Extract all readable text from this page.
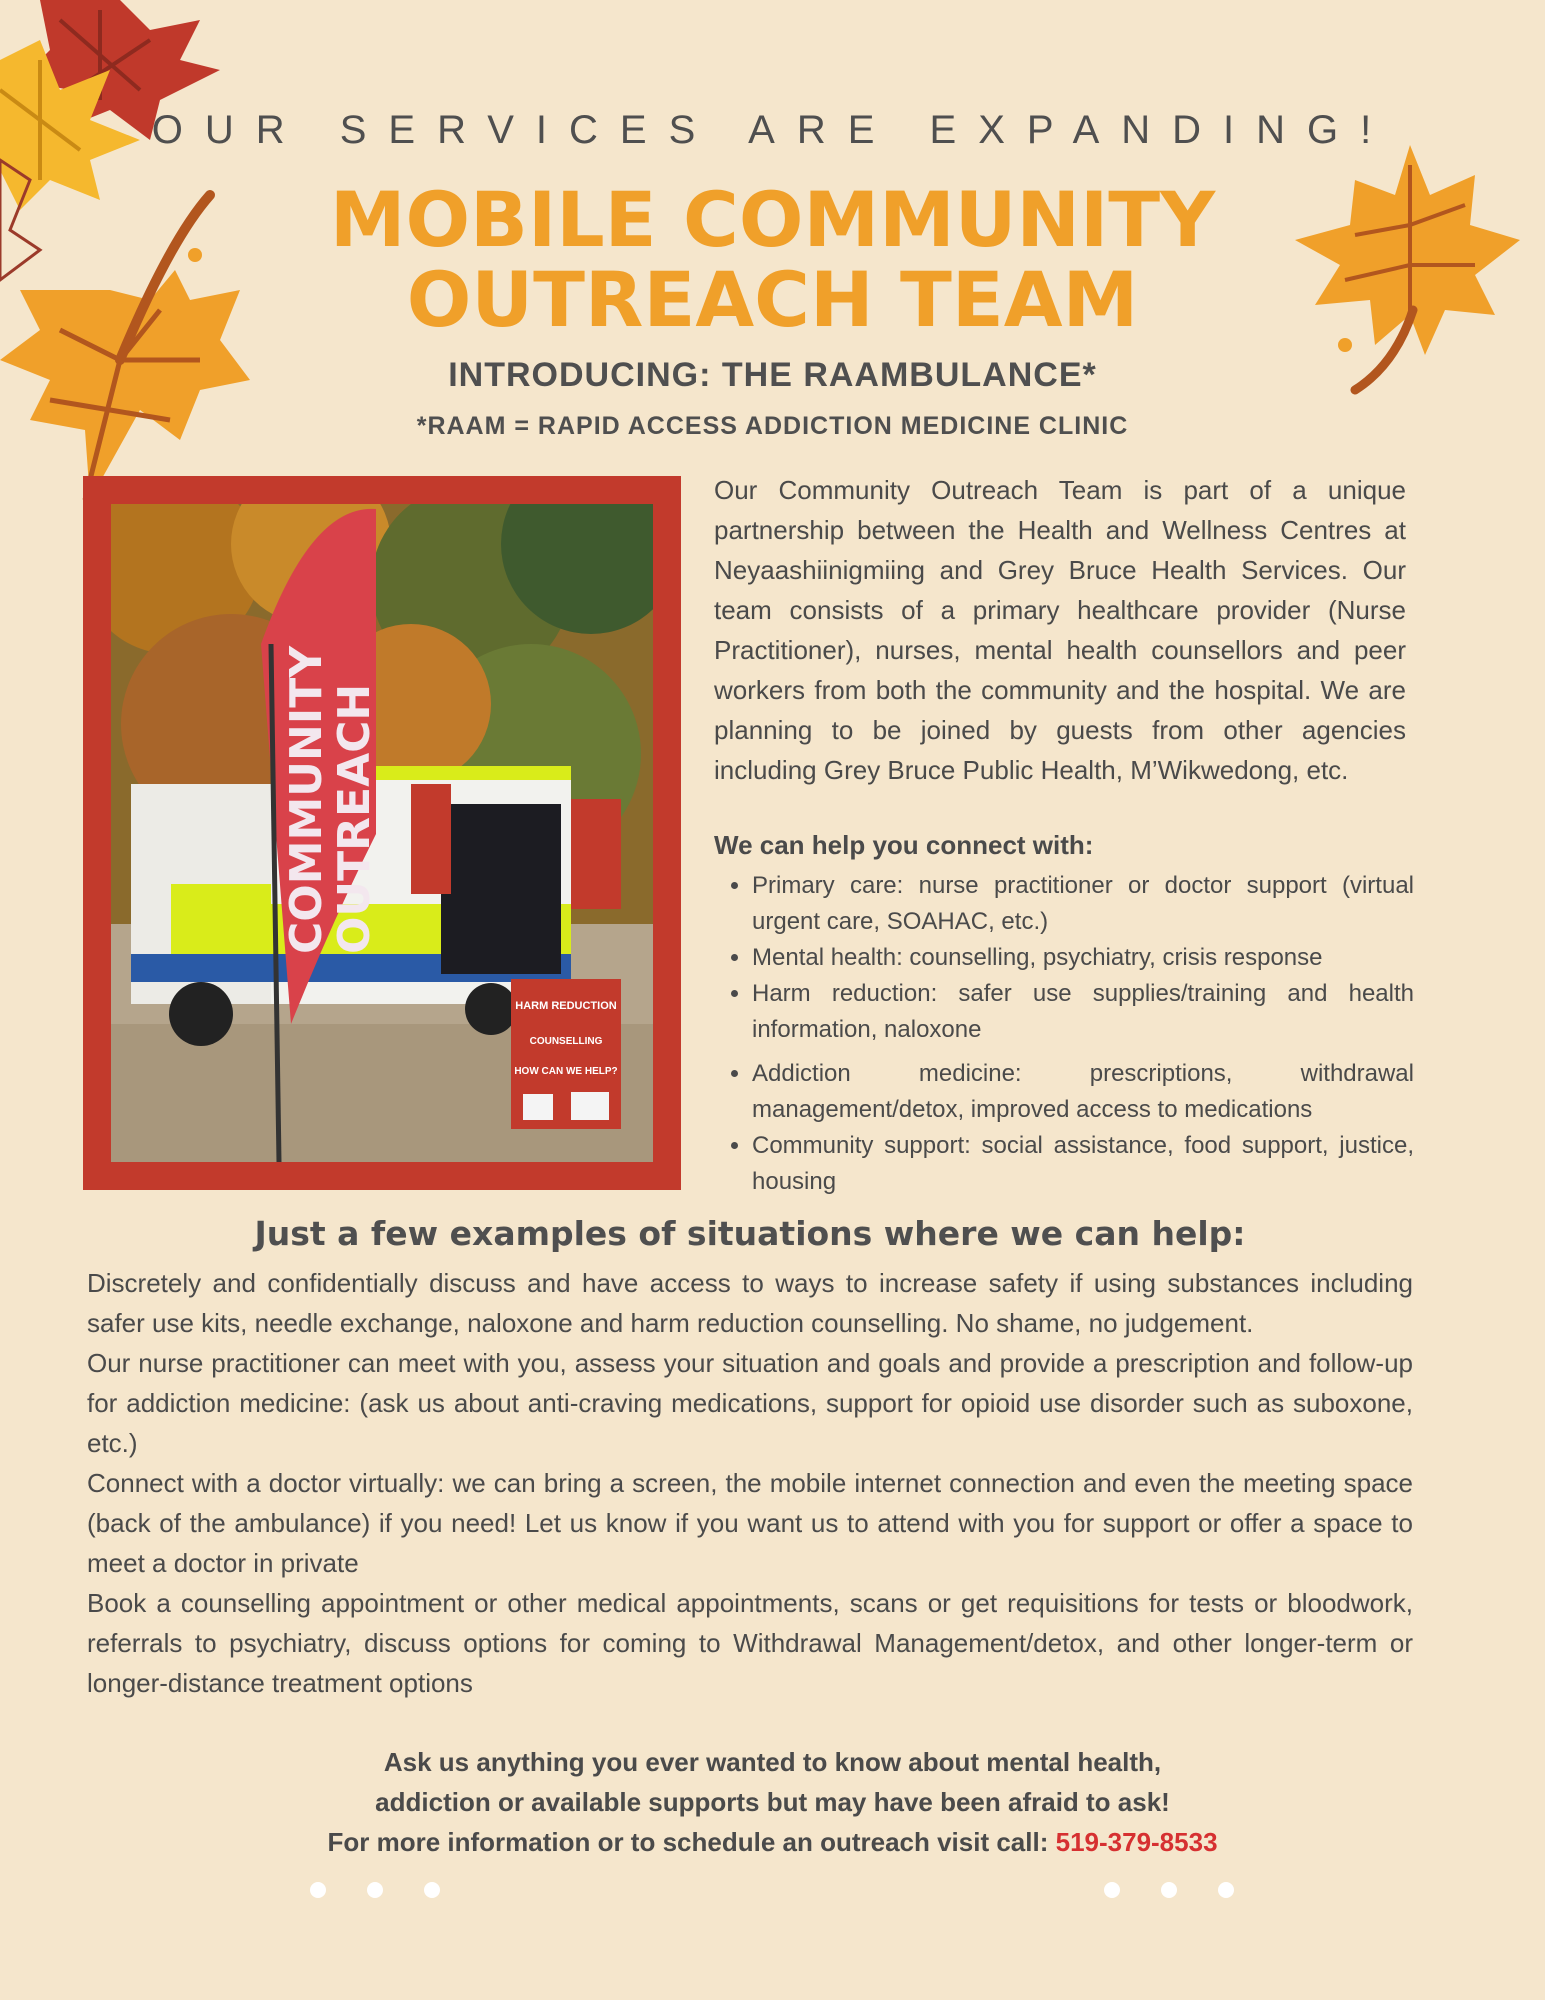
OUR SERVICES ARE EXPANDING!
MOBILE COMMUNITY
OUTREACH TEAM
INTRODUCING: THE RAAMBULANCE*
*RAAM = RAPID ACCESS ADDICTION MEDICINE CLINIC
HARM REDUCTION
COUNSELLING
HOW CAN WE HELP?
COMMUNITY
OUTREACH
Our Community Outreach Team is part of a unique partnership between the Health and Wellness Centres at Neyaashiinigmiing and Grey Bruce Health Services. Our team consists of a primary healthcare provider (Nurse Practitioner), nurses, mental health counsellors and peer workers from both the community and the hospital. We are planning to be joined by guests from other agencies including Grey Bruce Public Health, M’Wikwedong, etc.
We can help you connect with:
• Primary care: nurse practitioner or doctor support (virtual urgent care, SOAHAC, etc.)
• Mental health: counselling, psychiatry, crisis response
• Harm reduction: safer use supplies/training and health information, naloxone
• Addiction medicine: prescriptions, withdrawal management/detox, improved access to medications
• Community support: social assistance, food support, justice, housing
Just a few examples of situations where we can help:

Discretely and confidentially discuss and have access to ways to increase safety if using substances including safer use kits, needle exchange, naloxone and harm reduction counselling. No shame, no judgement.

Our nurse practitioner can meet with you, assess your situation and goals and provide a prescription and follow-up for addiction medicine: (ask us about anti-craving medications, support for opioid use disorder such as suboxone, etc.)

Connect with a doctor virtually: we can bring a screen, the mobile internet connection and even the meeting space (back of the ambulance) if you need! Let us know if you want us to attend with you for support or offer a space to meet a doctor in private

Book a counselling appointment or other medical appointments, scans or get requisitions for tests or bloodwork, referrals to psychiatry, discuss options for coming to Withdrawal Management/detox, and other longer-term or longer-distance treatment options

Ask us anything you ever wanted to know about mental health,
addiction or available supports but may have been afraid to ask!
For more information or to schedule an outreach visit call: 519-379-8533
